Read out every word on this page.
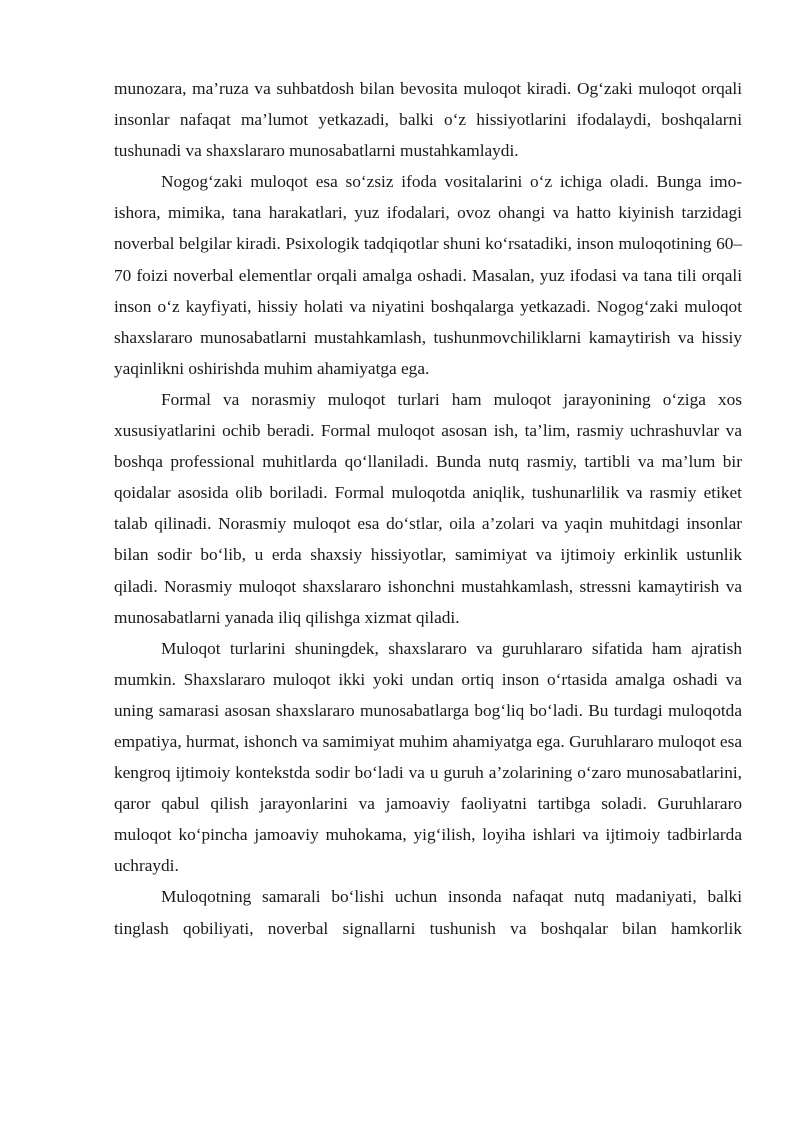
munozara, ma’ruza va suhbatdosh bilan bevosita muloqot kiradi. Og‘zaki muloqot orqali insonlar nafaqat ma’lumot yetkazadi, balki o‘z hissiyotlarini ifodalaydi, boshqalarni tushunadi va shaxslararo munosabatlarni mustahkamlaydi.

Nogog‘zaki muloqot esa so‘zsiz ifoda vositalarini o‘z ichiga oladi. Bunga imo-ishora, mimika, tana harakatlari, yuz ifodalari, ovoz ohangi va hatto kiyinish tarzidagi noverbal belgilar kiradi. Psixologik tadqiqotlar shuni ko‘rsatadiki, inson muloqotining 60–70 foizi noverbal elementlar orqali amalga oshadi. Masalan, yuz ifodasi va tana tili orqali inson o‘z kayfiyati, hissiy holati va niyatini boshqalarga yetkazadi. Nogog‘zaki muloqot shaxslararo munosabatlarni mustahkamlash, tushunmovchiliklarni kamaytirish va hissiy yaqinlikni oshirishda muhim ahamiyatga ega.

Formal va norasmiy muloqot turlari ham muloqot jarayonining o‘ziga xos xususiyatlarini ochib beradi. Formal muloqot asosan ish, ta’lim, rasmiy uchrashuvlar va boshqa professional muhitlarda qo‘llaniladi. Bunda nutq rasmiy, tartibli va ma’lum bir qoidalar asosida olib boriladi. Formal muloqotda aniqlik, tushunarlilik va rasmiy etiket talab qilinadi. Norasmiy muloqot esa do‘stlar, oila a’zolari va yaqin muhitdagi insonlar bilan sodir bo‘lib, u erda shaxsiy hissiyotlar, samimiyat va ijtimoiy erkinlik ustunlik qiladi. Norasmiy muloqot shaxslararo ishonchni mustahkamlash, stressni kamaytirish va munosabatlarni yanada iliq qilishga xizmat qiladi.

Muloqot turlarini shuningdek, shaxslararo va guruhlararo sifatida ham ajratish mumkin. Shaxslararo muloqot ikki yoki undan ortiq inson o‘rtasida amalga oshadi va uning samarasi asosan shaxslararo munosabatlarga bog‘liq bo‘ladi. Bu turdagi muloqotda empatiya, hurmat, ishonch va samimiyat muhim ahamiyatga ega. Guruhlararo muloqot esa kengroq ijtimoiy kontekstda sodir bo‘ladi va u guruh a’zolarining o‘zaro munosabatlarini, qaror qabul qilish jarayonlarini va jamoaviy faoliyatni tartibga soladi. Guruhlararo muloqot ko‘pincha jamoaviy muhokama, yig‘ilish, loyiha ishlari va ijtimoiy tadbirlarda uchraydi.

Muloqotning samarali bo‘lishi uchun insonda nafaqat nutq madaniyati, balki tinglash qobiliyati, noverbal signallarni tushunish va boshqalar bilan hamkorlik
